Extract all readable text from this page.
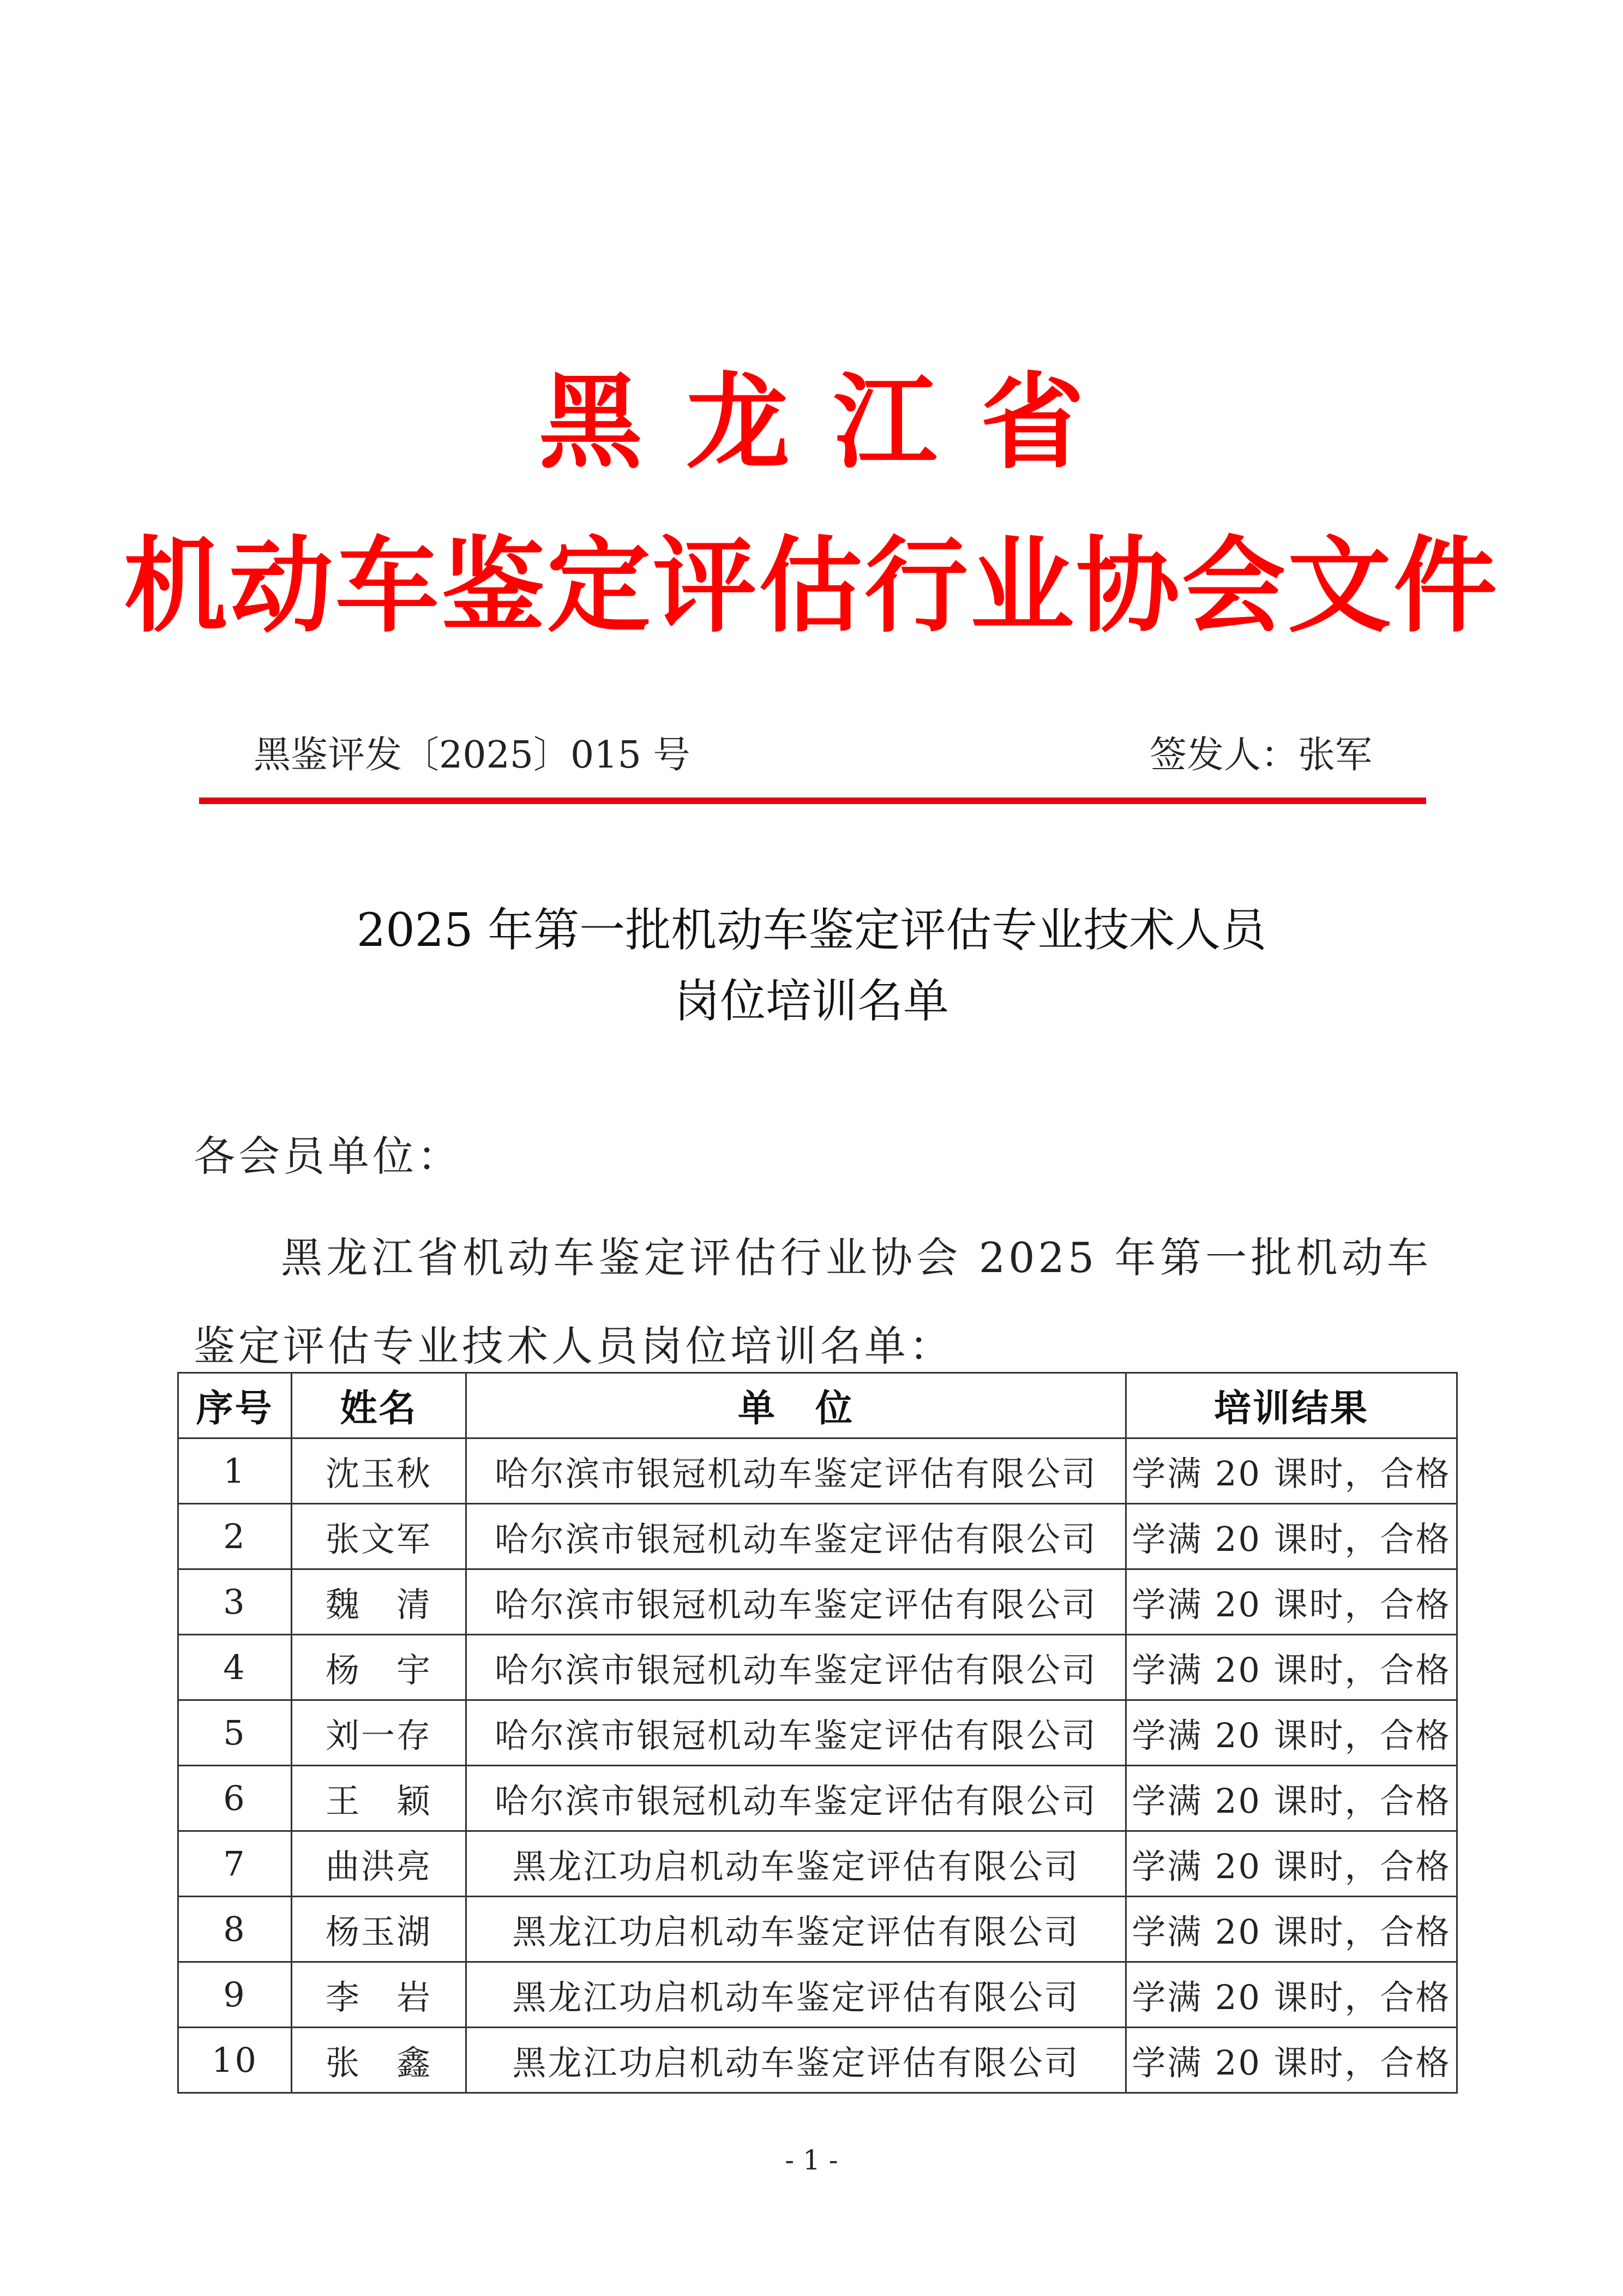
黑龙江省
机动车鉴定评估行业协会文件
黑鉴评发〔2025〕015 号	签发人：张军
2025 年第一批机动车鉴定评估专业技术人员
岗位培训名单
各会员单位：
黑龙江省机动车鉴定评估行业协会 2025 年第一批机动车鉴定评估专业技术人员岗位培训名单：
序号	姓名	单　位	培训结果
1	沈玉秋	哈尔滨市银冠机动车鉴定评估有限公司	学满 20 课时，合格
2	张文军	哈尔滨市银冠机动车鉴定评估有限公司	学满 20 课时，合格
3	魏　清	哈尔滨市银冠机动车鉴定评估有限公司	学满 20 课时，合格
4	杨　宇	哈尔滨市银冠机动车鉴定评估有限公司	学满 20 课时，合格
5	刘一存	哈尔滨市银冠机动车鉴定评估有限公司	学满 20 课时，合格
6	王　颖	哈尔滨市银冠机动车鉴定评估有限公司	学满 20 课时，合格
7	曲洪亮	黑龙江功启机动车鉴定评估有限公司	学满 20 课时，合格
8	杨玉湖	黑龙江功启机动车鉴定评估有限公司	学满 20 课时，合格
9	李　岩	黑龙江功启机动车鉴定评估有限公司	学满 20 课时，合格
10	张　鑫	黑龙江功启机动车鉴定评估有限公司	学满 20 课时，合格
- 1 -
